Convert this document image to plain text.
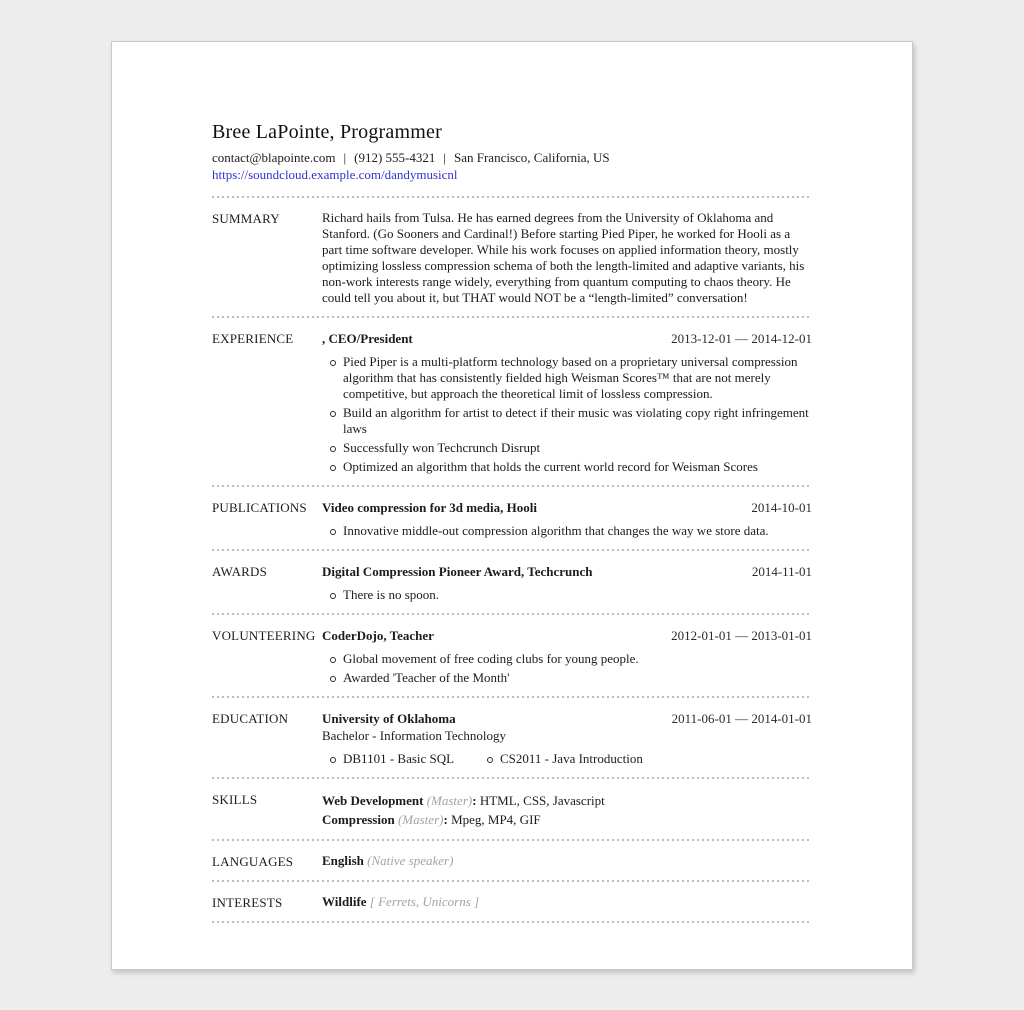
Bree LaPointe, Programmer
contact@blapointe.com | (912) 555-4321 | San Francisco, California, US
https://soundcloud.example.com/dandymusicnl
SUMMARY	Richard hails from Tulsa. He has earned degrees from the University of Oklahoma and Stanford. (Go Sooners and Cardinal!) Before starting Pied Piper, he worked for Hooli as a part time software developer. While his work focuses on applied information theory, mostly optimizing lossless compression schema of both the length-limited and adaptive variants, his non-work interests range widely, everything from quantum computing to chaos theory. He could tell you about it, but THAT would NOT be a “length-limited” conversation!

EXPERIENCE	, CEO/President	2013-12-01 — 2014-12-01
Pied Piper is a multi-platform technology based on a proprietary universal compression algorithm that has consistently fielded high Weisman Scores™ that are not merely competitive, but approach the theoretical limit of lossless compression.
Build an algorithm for artist to detect if their music was violating copy right infringement laws
Successfully won Techcrunch Disrupt
Optimized an algorithm that holds the current world record for Weisman Scores
PUBLICATIONS	Video compression for 3d media, Hooli	2014-10-01
Innovative middle-out compression algorithm that changes the way we store data.
AWARDS	Digital Compression Pioneer Award, Techcrunch	2014-11-01
There is no spoon.
VOLUNTEERING CoderDojo, Teacher	2012-01-01 — 2013-01-01
Global movement of free coding clubs for young people.
Awarded 'Teacher of the Month'
EDUCATION	University of Oklahoma	2011-06-01 — 2014-01-01
Bachelor - Information Technology
DB1101 - Basic SQL	CS2011 - Java Introduction
SKILLS	Web Development (Master): HTML, CSS, Javascript
Compression (Master): Mpeg, MP4, GIF
LANGUAGES	English (Native speaker)
INTERESTS	Wildlife [ Ferrets, Unicorns ]
